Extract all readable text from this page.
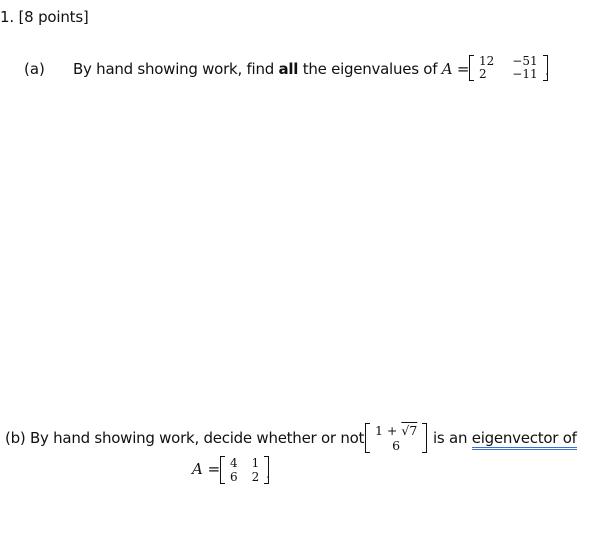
1. [8 points]
(a) By hand showing work, find all the eigenvalues of A = 12	−51
2	−11 .
(b) By hand showing work, decide whether or not 1 + √7
6 is an eigenvector of
A = 4	1
6	2 .
